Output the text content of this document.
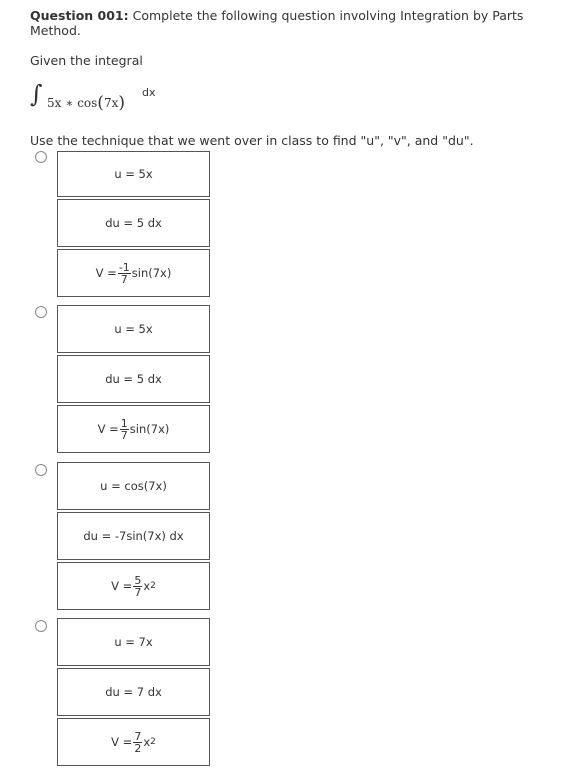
Question 001: Complete the following question involving Integration by Parts Method.
Given the integral
∫ 5x ∗ cos(7x)
dx
Use the technique that we went over in class to find "u", "v", and "du".
u = 5x
du = 5 dx
$V = \frac{-1}{7} \sin(7x)$
u = 5x
du = 5 dx
$V = \frac{1}{7} \sin(7x)$
u = cos(7x)
du = -7sin(7x) dx
$V = \frac{5}{7}$ x 2
u = 7x
du = 7 dx
$V = \frac{7}{2}$ x 2
